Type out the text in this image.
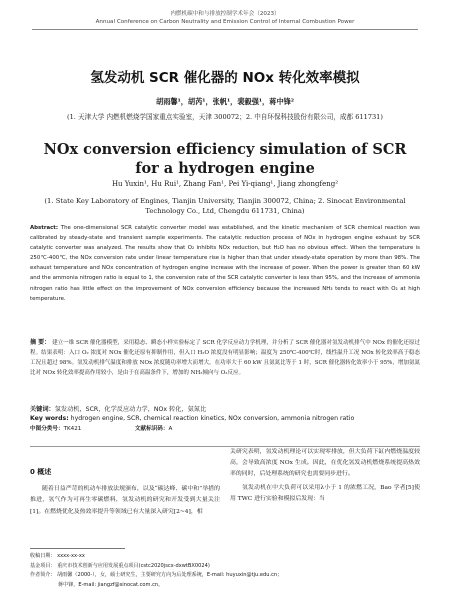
内燃机碳中和与排放控制学术年会（2023）
Annual Conference on Carbon Neutrality and Emission Control of Internal Combustion Power
氢发动机 SCR 催化器的 NOx 转化效率模拟
胡雨馨¹，胡芮¹，张帆¹，裴毅强¹，蒋中锋²
(1. 天津大学 内燃机燃烧学国家重点实验室，天津 300072；2. 中自环保科技股份有限公司，成都 611731)
NOx conversion efficiency simulation of SCR for a hydrogen engine
Hu Yuxin¹, Hu Rui¹, Zhang Fan¹, Pei Yi-qiang¹, Jiang zhongfeng²
(1. State Key Laboratory of Engines, Tianjin University, Tianjin 300072, China; 2. Sinocat Environmental Technology Co., Ltd, Chengdu 611731, China)
Abstract: The one-dimensional SCR catalytic converter model was established, and the kinetic mechanism of SCR chemical reaction was calibrated by steady-state and transient sample experiments. The catalytic reduction process of NOx in hydrogen engine exhaust by SCR catalytic converter was analyzed. The results show that O₂ inhibits NOx reduction, but H₂O has no obvious effect. When the temperature is 250℃-400℃, the NOx conversion rate under linear temperature rise is higher than that under steady-state operation by more than 98%. The exhaust temperature and NOx concentration of hydrogen engine increase with the increase of power. When the power is greater than 60 kW and the ammonia nitrogen ratio is equal to 1, the conversion rate of the SCR catalytic converter is less than 95%, and the increase of ammonia nitrogen ratio has little effect on the improvement of NOx conversion efficiency because the increased NH₃ tends to react with O₂ at high temperature.
摘 要： 建立一维 SCR 催化器模型，采用稳态、瞬态小样实验标定了 SCR 化学反应动力学机理，并分析了 SCR 催化器对氢发动机排气中 NOx 的催化还原过程。结果表明：入口 O₂ 浓度对 NOx 催化还原有抑制作用，但入口 H₂O 浓度没有明显影响；温度为 250℃-400℃时，线性温升工况 NOx 转化效率高于稳态工况且超过 98%。氢发动机排气温度和排放 NOx 浓度随功率增大而增大，在功率大于 60 kW 且氨氮比等于 1 时，SCR 催化器转化效率小于 95%，增加氨氮比对 NOx 转化效率提高作用较小，是由于在高温条件下，增加的 NH₃倾向与 O₂反应。
关键词：氢发动机，SCR，化学反应动力学，NOx 转化，氨氮比
Key words: hydrogen engine, SCR, chemical reaction kinetics, NOx conversion, ammonia nitrogen ratio
中图分类号：TK421	文献标识码：A
0 概述
随着日益严苛的机动车排放法规颁布，以及“碳达峰、碳中和”举措的推进，氢气作为可再生零碳燃料，氢发动机的研究和开发受到大量关注[1]。在燃烧优化及热效率提升等领域已有大量深入研究[2~4]，相
关研究表明，氢发动机理论可以实现零排放，但大负荷下缸内燃烧温度较高，会导致高浓度 NOx 生成。因此，在优化氢发动机燃烧系统提高热效率的同时，后处理系统的研究也需要同步进行。
氢发动机在中大负荷可以采用λ小于 1 的浓燃工况，Bao 学者[5]使用 TWC 进行实验和模拟后发现：当
收稿日期： xxxx-xx-xx
基金项目： 重庆市技术创新与应用发展重点项目(cstc2020jscx-dxwtBX0024)
作者简介： 胡雨馨（2000-），女，硕士研究生，主要研究方向为后处理系统，E-mail: huyuxin@tju.edu.cn；
蒋中锋，E-mail: jiangzf@sinocat.com.cn。
